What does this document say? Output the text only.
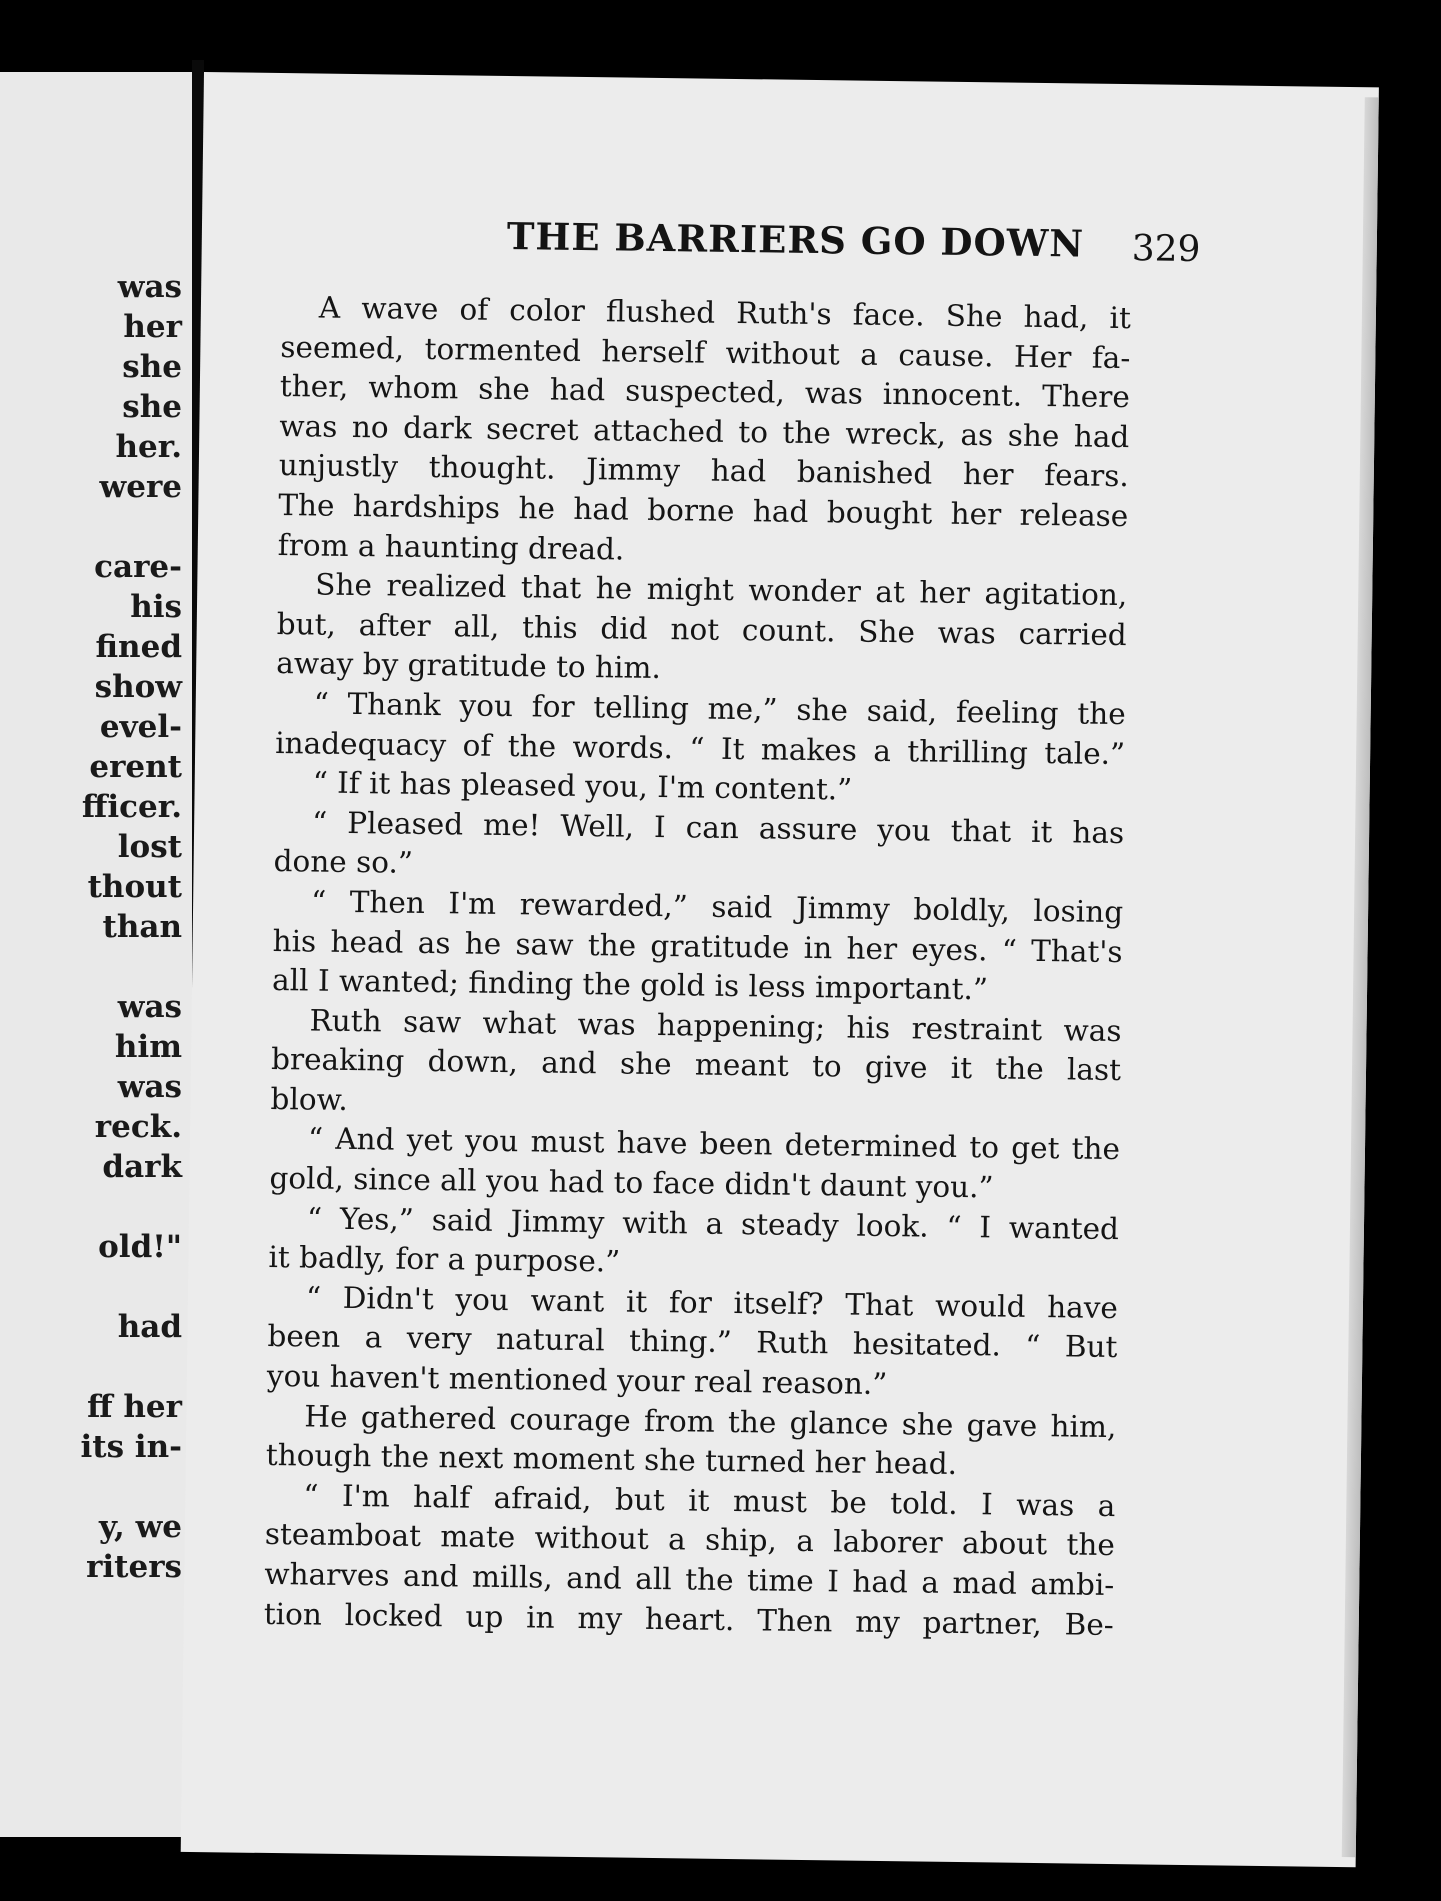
was
her
she
she
her.
were
care-
his
fined
show
evel-
erent
fficer.
lost
thout
than
was
him
was
reck.
dark
old!"
had
ff her
its in-
y, we
riters
THE BARRIERS GO DOWN 329
A wave of color flushed Ruth's face. She had, it
seemed, tormented herself without a cause. Her fa-
ther, whom she had suspected, was innocent. There
was no dark secret attached to the wreck, as she had
unjustly thought. Jimmy had banished her fears.
The hardships he had borne had bought her release
from a haunting dread.
She realized that he might wonder at her agitation,
but, after all, this did not count. She was carried
away by gratitude to him.
“ Thank you for telling me,” she said, feeling the
inadequacy of the words. “ It makes a thrilling tale.”
“ If it has pleased you, I'm content.”
“ Pleased me! Well, I can assure you that it has
done so.”
“ Then I'm rewarded,” said Jimmy boldly, losing
his head as he saw the gratitude in her eyes. “ That's
all I wanted; finding the gold is less important.”
Ruth saw what was happening; his restraint was
breaking down, and she meant to give it the last
blow.
“ And yet you must have been determined to get the
gold, since all you had to face didn't daunt you.”
“ Yes,” said Jimmy with a steady look. “ I wanted
it badly, for a purpose.”
“ Didn't you want it for itself? That would have
been a very natural thing.” Ruth hesitated. “ But
you haven't mentioned your real reason.”
He gathered courage from the glance she gave him,
though the next moment she turned her head.
“ I'm half afraid, but it must be told. I was a
steamboat mate without a ship, a laborer about the
wharves and mills, and all the time I had a mad ambi-
tion locked up in my heart. Then my partner, Be-
